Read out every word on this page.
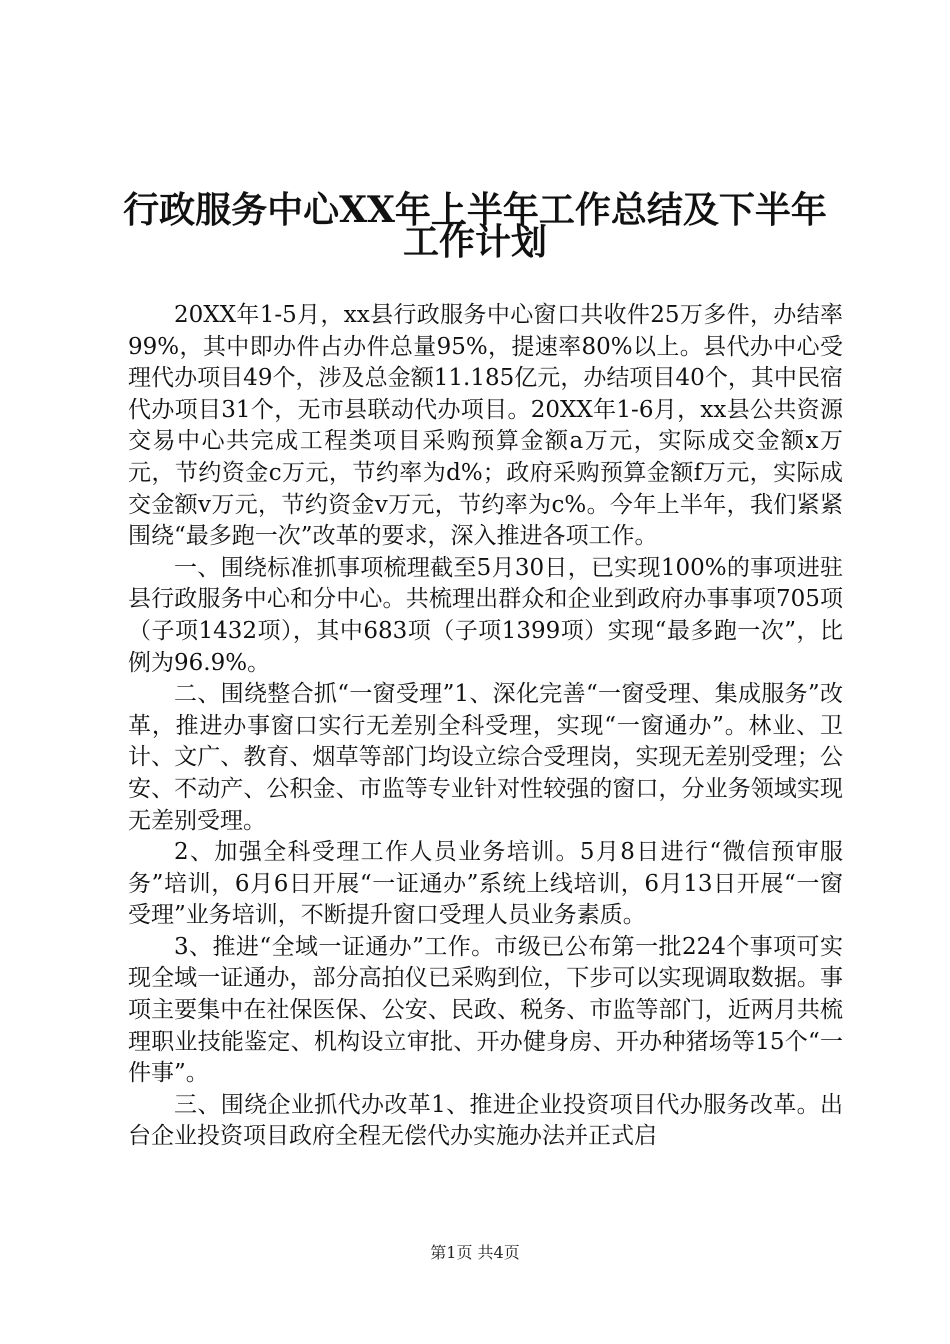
行政服务中心XX年上半年工作总结及下半年
工作计划

20XX年1-5月，xx县行政服务中心窗口共收件25万多件，办结率99%，其中即办件占办件总量95%，提速率80%以上。县代办中心受理代办项目49个，涉及总金额11.185亿元，办结项目40个，其中民宿代办项目31个，无市县联动代办项目。20XX年1-6月，xx县公共资源交易中心共完成工程类项目采购预算金额a万元，实际成交金额x万元，节约资金c万元，节约率为d%；政府采购预算金额f万元，实际成交金额v万元，节约资金v万元，节约率为c%。今年上半年，我们紧紧围绕“最多跑一次”改革的要求，深入推进各项工作。

一、围绕标准抓事项梳理截至5月30日，已实现100%的事项进驻县行政服务中心和分中心。共梳理出群众和企业到政府办事事项705项（子项1432项），其中683项（子项1399项）实现“最多跑一次”，比例为96.9%。

二、围绕整合抓“一窗受理”1、深化完善“一窗受理、集成服务”改革，推进办事窗口实行无差别全科受理，实现“一窗通办”。林业、卫计、文广、教育、烟草等部门均设立综合受理岗，实现无差别受理；公安、不动产、公积金、市监等专业针对性较强的窗口，分业务领域实现无差别受理。

2、加强全科受理工作人员业务培训。5月8日进行“微信预审服务”培训，6月6日开展“一证通办”系统上线培训，6月13日开展“一窗受理”业务培训，不断提升窗口受理人员业务素质。

3、推进“全域一证通办”工作。市级已公布第一批224个事项可实现全域一证通办，部分高拍仪已采购到位，下步可以实现调取数据。事项主要集中在社保医保、公安、民政、税务、市监等部门，近两月共梳理职业技能鉴定、机构设立审批、开办健身房、开办种猪场等15个“一件事”。

三、围绕企业抓代办改革1、推进企业投资项目代办服务改革。出台企业投资项目政府全程无偿代办实施办法并正式启

第1页 共4页
